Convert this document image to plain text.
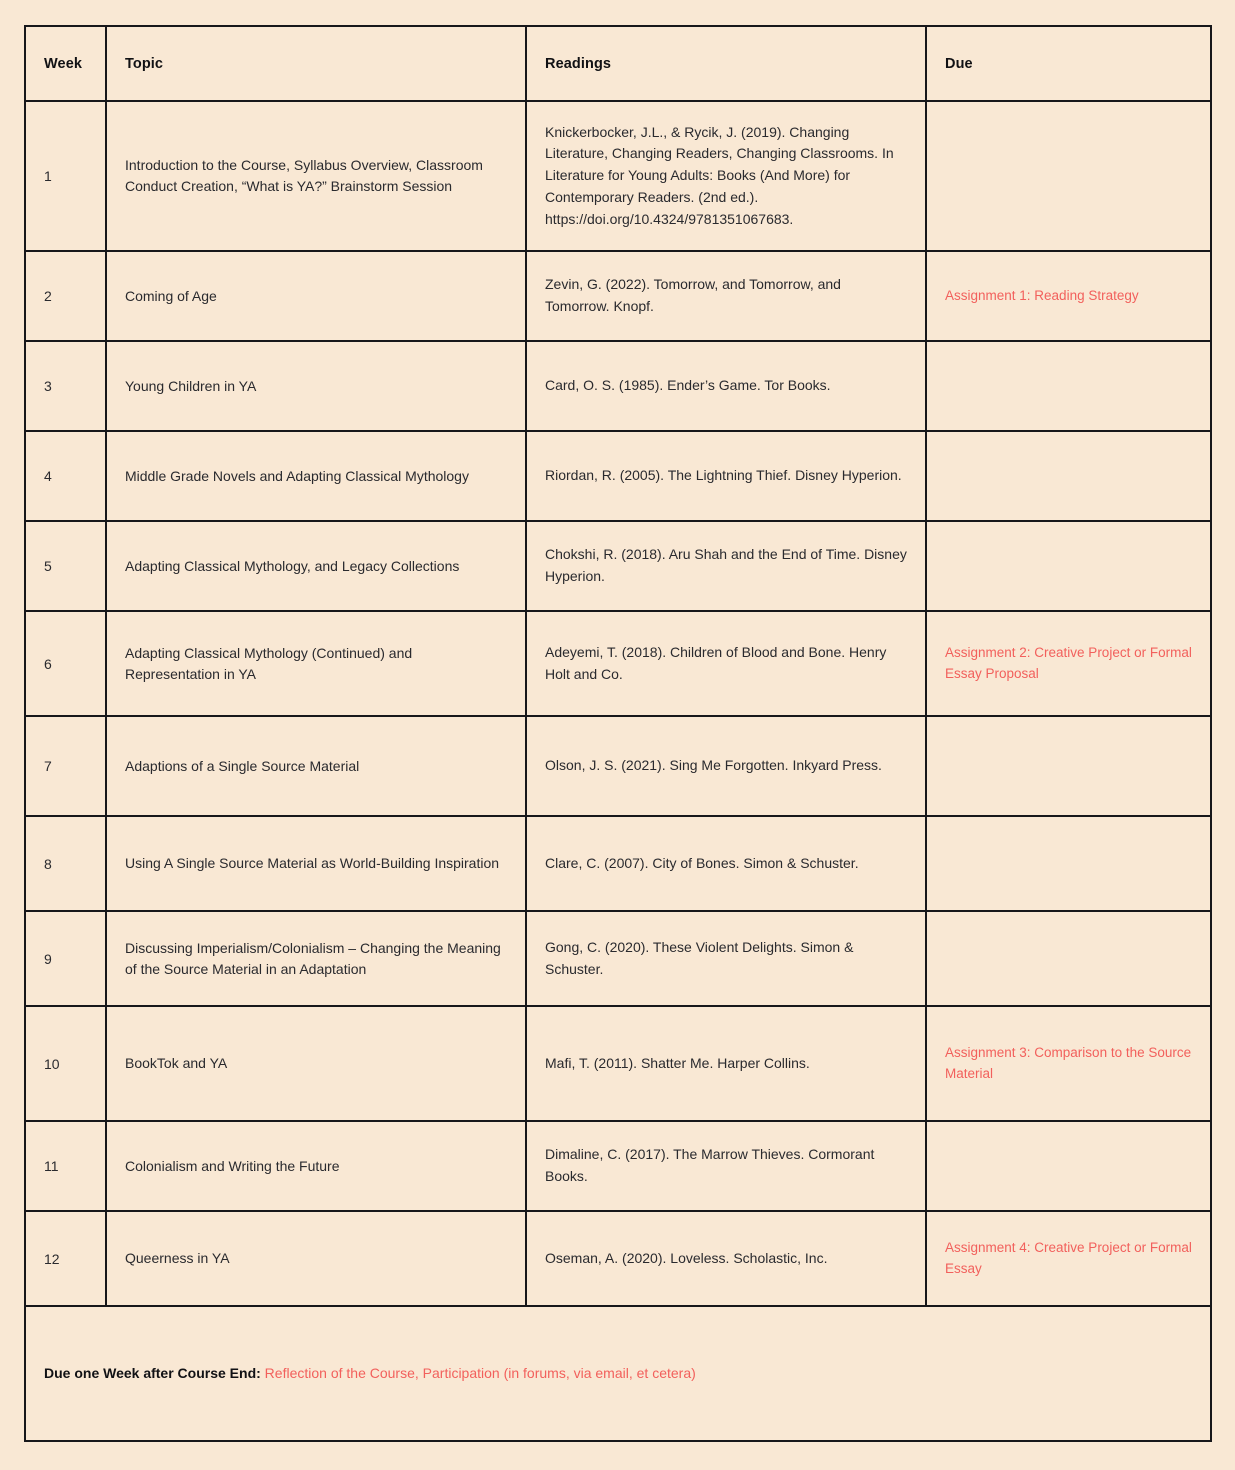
Week	Topic	Readings	Due
1	Introduction to the Course, Syllabus Overview, Classroom Conduct Creation, “What is YA?” Brainstorm Session	Knickerbocker, J.L., & Rycik, J. (2019). Changing Literature, Changing Readers, Changing Classrooms. In Literature for Young Adults: Books (And More) for Contemporary Readers. (2nd ed.). https://doi.org/10.4324/9781351067683.	
2	Coming of Age	Zevin, G. (2022). Tomorrow, and Tomorrow, and Tomorrow. Knopf.	Assignment 1: Reading Strategy
3	Young Children in YA	Card, O. S. (1985). Ender’s Game. Tor Books.	
4	Middle Grade Novels and Adapting Classical Mythology	Riordan, R. (2005). The Lightning Thief. Disney Hyperion.	
5	Adapting Classical Mythology, and Legacy Collections	Chokshi, R. (2018). Aru Shah and the End of Time. Disney Hyperion.	
6	Adapting Classical Mythology (Continued) and Representation in YA	Adeyemi, T. (2018). Children of Blood and Bone. Henry Holt and Co.	Assignment 2: Creative Project or Formal Essay Proposal
7	Adaptions of a Single Source Material	Olson, J. S. (2021). Sing Me Forgotten. Inkyard Press.	
8	Using A Single Source Material as World-Building Inspiration	Clare, C. (2007). City of Bones. Simon & Schuster.	
9	Discussing Imperialism/Colonialism – Changing the Meaning of the Source Material in an Adaptation	Gong, C. (2020). These Violent Delights. Simon & Schuster.	
10	BookTok and YA	Mafi, T. (2011). Shatter Me. Harper Collins.	Assignment 3: Comparison to the Source Material
11	Colonialism and Writing the Future	Dimaline, C. (2017). The Marrow Thieves. Cormorant Books.	
12	Queerness in YA	Oseman, A. (2020). Loveless. Scholastic, Inc.	Assignment 4: Creative Project or Formal Essay
Due one Week after Course End: Reflection of the Course, Participation (in forums, via email, et cetera)			
